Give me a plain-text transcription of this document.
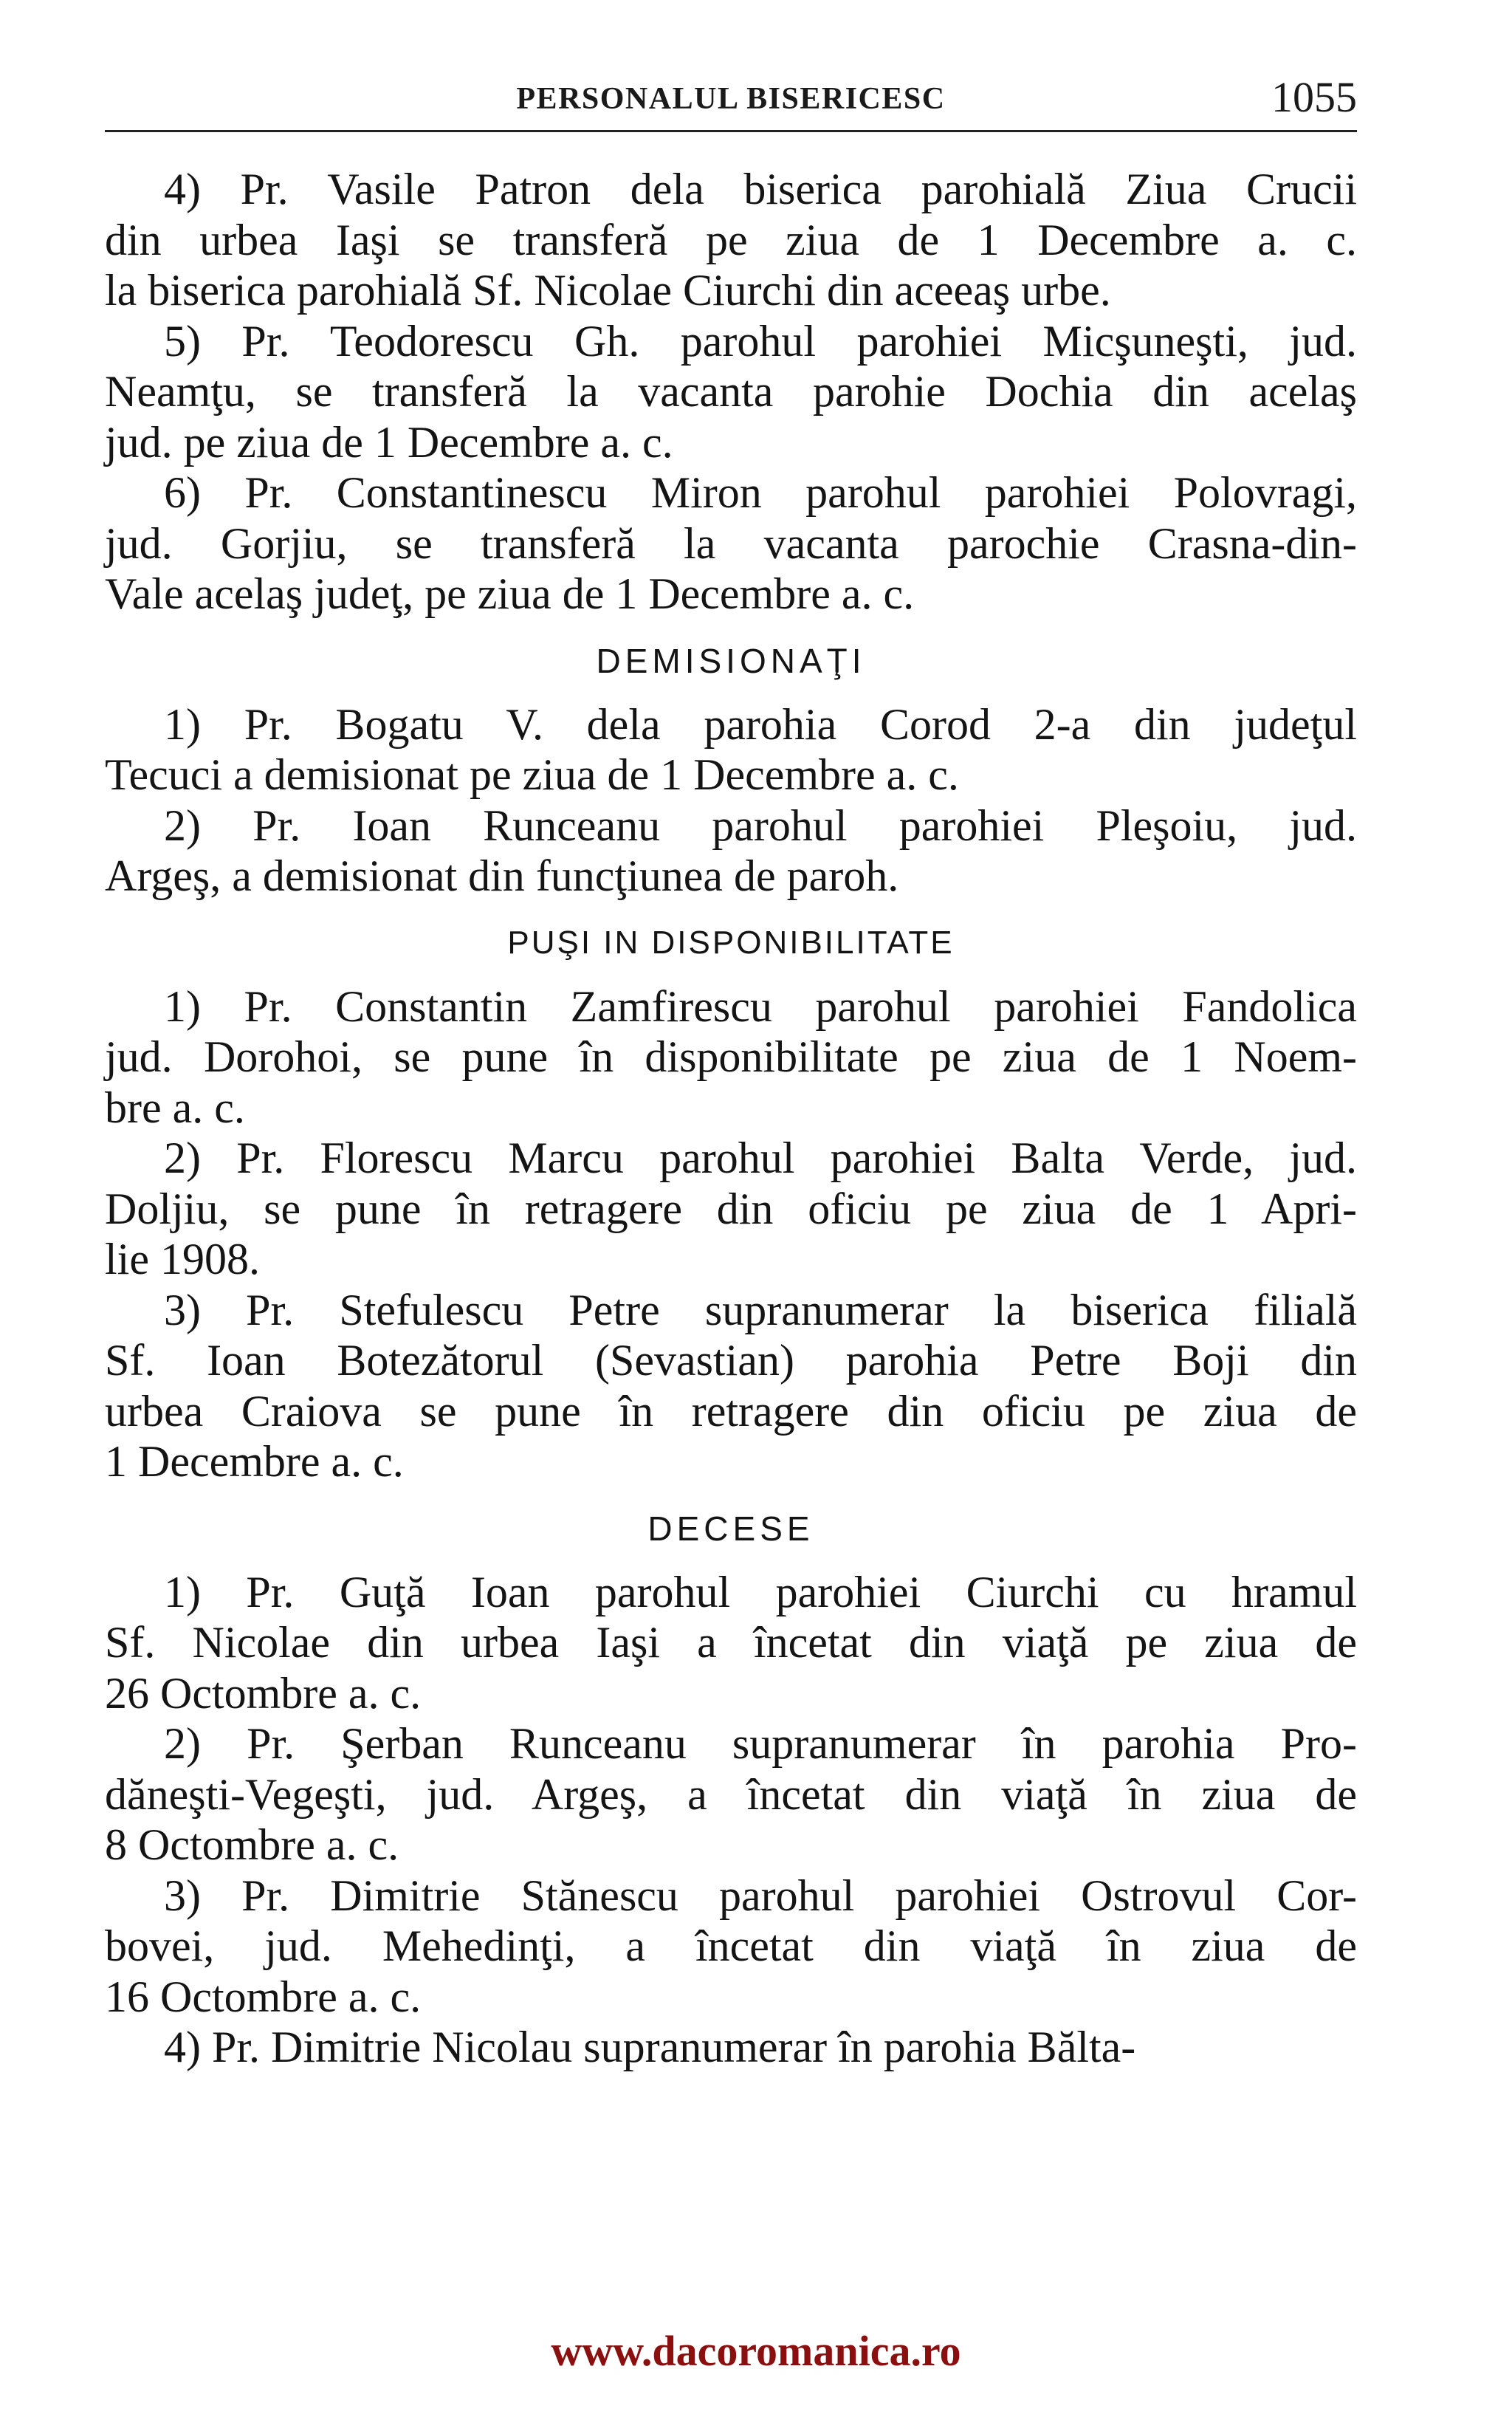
PERSONALUL BISERICESC	1055
4) Pr. Vasile Patron dela biserica parohială Ziua Crucii
din urbea Iaşi se transferă pe ziua de 1 Decembre a. c.
la biserica parohială Sf. Nicolae Ciurchi din aceeaş urbe.
5) Pr. Teodorescu Gh. parohul parohiei Micşuneşti, jud.
Neamţu, se transferă la vacanta parohie Dochia din acelaş
jud. pe ziua de 1 Decembre a. c.
6) Pr. Constantinescu Miron parohul parohiei Polovragi,
jud. Gorjiu, se transferă la vacanta parochie Crasna-din-
Vale acelaş judeţ, pe ziua de 1 Decembre a. c.
DEMISIONAŢI
1) Pr. Bogatu V. dela parohia Corod 2-a din judeţul
Tecuci a demisionat pe ziua de 1 Decembre a. c.
2) Pr. Ioan Runceanu parohul parohiei Pleşoiu, jud.
Argeş, a demisionat din funcţiunea de paroh.
PUŞI IN DISPONIBILITATE
1) Pr. Constantin Zamfirescu parohul parohiei Fandolica
jud. Dorohoi, se pune în disponibilitate pe ziua de 1 Noem-
bre a. c.
2) Pr. Florescu Marcu parohul parohiei Balta Verde, jud.
Doljiu, se pune în retragere din oficiu pe ziua de 1 Apri-
lie 1908.
3) Pr. Stefulescu Petre supranumerar la biserica filială
Sf. Ioan Botezătorul (Sevastian) parohia Petre Boji din
urbea Craiova se pune în retragere din oficiu pe ziua de
1 Decembre a. c.
DECESE
1) Pr. Guţă Ioan parohul parohiei Ciurchi cu hramul
Sf. Nicolae din urbea Iaşi a încetat din viaţă pe ziua de
26 Octombre a. c.
2) Pr. Şerban Runceanu supranumerar în parohia Pro-
dăneşti-Vegeşti, jud. Argeş, a încetat din viaţă în ziua de
8 Octombre a. c.
3) Pr. Dimitrie Stănescu parohul parohiei Ostrovul Cor-
bovei, jud. Mehedinţi, a încetat din viaţă în ziua de
16 Octombre a. c.
4) Pr. Dimitrie Nicolau supranumerar în parohia Bălta-
www.dacoromanica.ro
